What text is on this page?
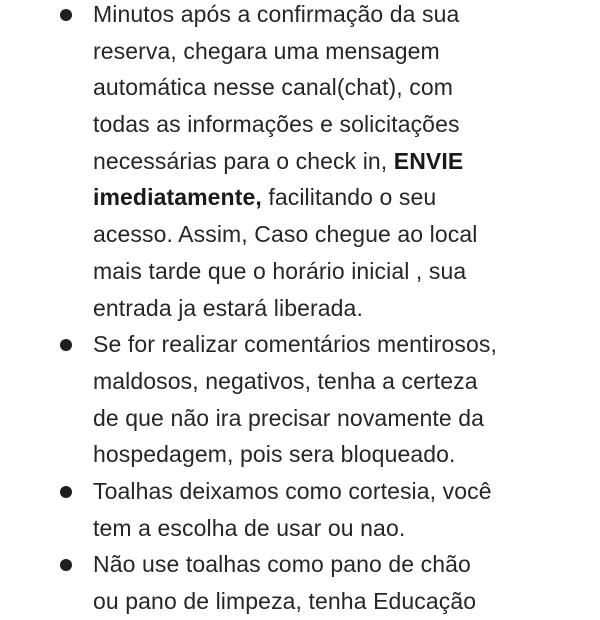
Minutos após a confirmação da sua
reserva, chegara uma mensagem
automática nesse canal(chat), com
todas as informações e solicitações
necessárias para o check in, ENVIE
imediatamente, facilitando o seu
acesso. Assim, Caso chegue ao local
mais tarde que o horário inicial , sua
entrada ja estará liberada.
Se for realizar comentários mentirosos,
maldosos, negativos, tenha a certeza
de que não ira precisar novamente da
hospedagem, pois sera bloqueado.
Toalhas deixamos como cortesia, você
tem a escolha de usar ou nao.
Não use toalhas como pano de chão
ou pano de limpeza, tenha Educação
